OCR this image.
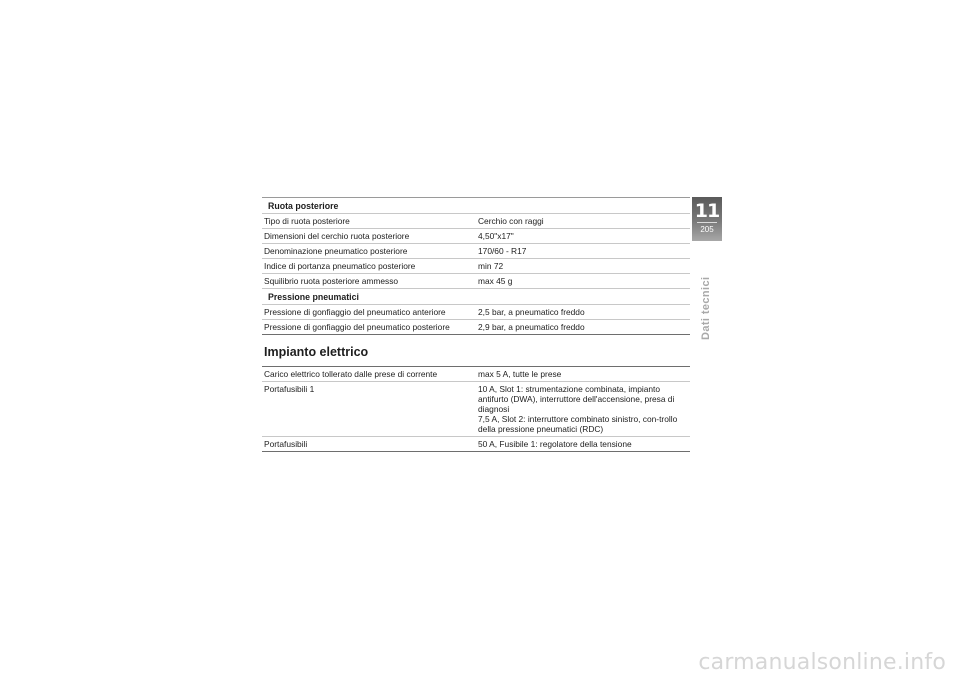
Ruota posteriore	
Tipo di ruota posteriore	Cerchio con raggi
Dimensioni del cerchio ruota posteriore	4,50"x17"
Denominazione pneumatico posteriore	170/60 - R17
Indice di portanza pneumatico posteriore	min 72
Squilibrio ruota posteriore ammesso	max 45 g
Pressione pneumatici	
Pressione di gonfiaggio del pneumatico anteriore	2,5 bar, a pneumatico freddo
Pressione di gonfiaggio del pneumatico posteriore	2,9 bar, a pneumatico freddo
Impianto elettrico
Carico elettrico tollerato dalle prese di corrente	max 5 A, tutte le prese
Portafusibili 1	10 A, Slot 1: strumentazione combinata, impianto antifurto (DWA), interruttore dell'accensione, presa di diagnosi
7,5 A, Slot 2: interruttore combinato sinistro, con-trollo della pressione pneumatici (RDC)
Portafusibili	50 A, Fusibile 1: regolatore della tensione
11
205
Dati tecnici
carmanualsonline.info
